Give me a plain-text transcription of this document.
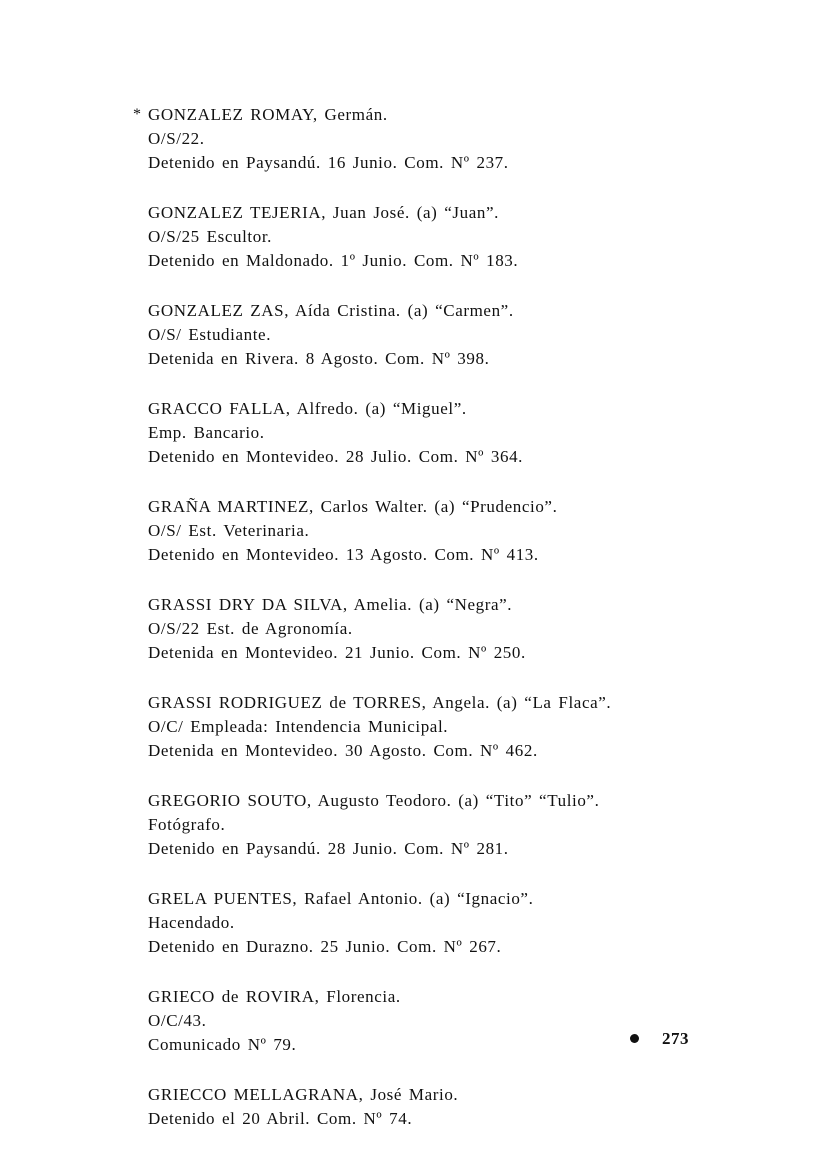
* GONZALEZ ROMAY, Germán.
O/S/22.
Detenido en Paysandú. 16 Junio. Com. Nº 237.
GONZALEZ TEJERIA, Juan José. (a) “Juan”.
O/S/25 Escultor.
Detenido en Maldonado. 1º Junio. Com. Nº 183.
GONZALEZ ZAS, Aída Cristina. (a) “Carmen”.
O/S/ Estudiante.
Detenida en Rivera. 8 Agosto. Com. Nº 398.
GRACCO FALLA, Alfredo. (a) “Miguel”.
Emp. Bancario.
Detenido en Montevideo. 28 Julio. Com. Nº 364.
GRAÑA MARTINEZ, Carlos Walter. (a) “Prudencio”.
O/S/ Est. Veterinaria.
Detenido en Montevideo. 13 Agosto. Com. Nº 413.
GRASSI DRY DA SILVA, Amelia. (a) “Negra”.
O/S/22 Est. de Agronomía.
Detenida en Montevideo. 21 Junio. Com. Nº 250.
GRASSI RODRIGUEZ de TORRES, Angela. (a) “La Flaca”.
O/C/ Empleada: Intendencia Municipal.
Detenida en Montevideo. 30 Agosto. Com. Nº 462.
GREGORIO SOUTO, Augusto Teodoro. (a) “Tito” “Tulio”.
Fotógrafo.
Detenido en Paysandú. 28 Junio. Com. Nº 281.
GRELA PUENTES, Rafael Antonio. (a) “Ignacio”.
Hacendado.
Detenido en Durazno. 25 Junio. Com. Nº 267.
GRIECO de ROVIRA, Florencia.
O/C/43.
Comunicado Nº 79.
GRIECCO MELLAGRANA, José Mario.
Detenido el 20 Abril. Com. Nº 74.
273
